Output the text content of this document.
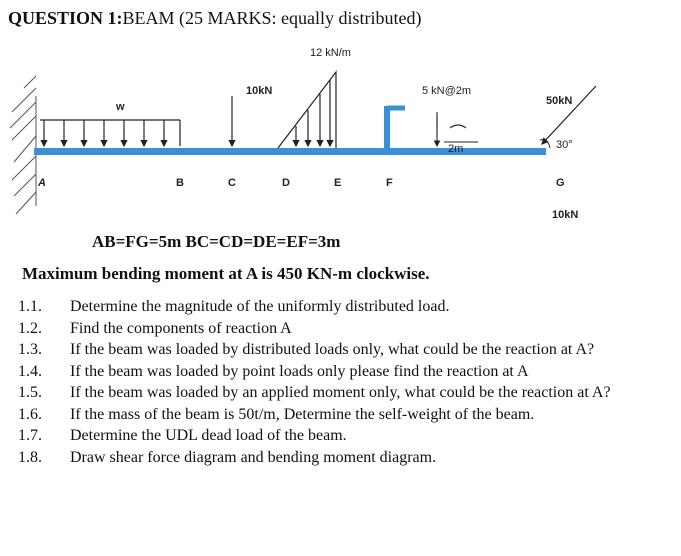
QUESTION 1:BEAM (25 MARKS: equally distributed)
w
10kN
12 kN/m
5 kN@2m
2m
50kN
30°
10kN
A	B	C	D	E	F	G
AB=FG=5m BC=CD=DE=EF=3m
Maximum bending moment at A is 450 KN-m clockwise.
1.1.	Determine the magnitude of the uniformly distributed load.
1.2.	Find the components of reaction A
1.3.	If the beam was loaded by distributed loads only, what could be the reaction at A?
1.4.	If the beam was loaded by point loads only please find the reaction at A
1.5.	If the beam was loaded by an applied moment only, what could be the reaction at A?
1.6.	If the mass of the beam is 50t/m, Determine the self-weight of the beam.
1.7.	Determine the UDL dead load of the beam.
1.8.	Draw shear force diagram and bending moment diagram.
